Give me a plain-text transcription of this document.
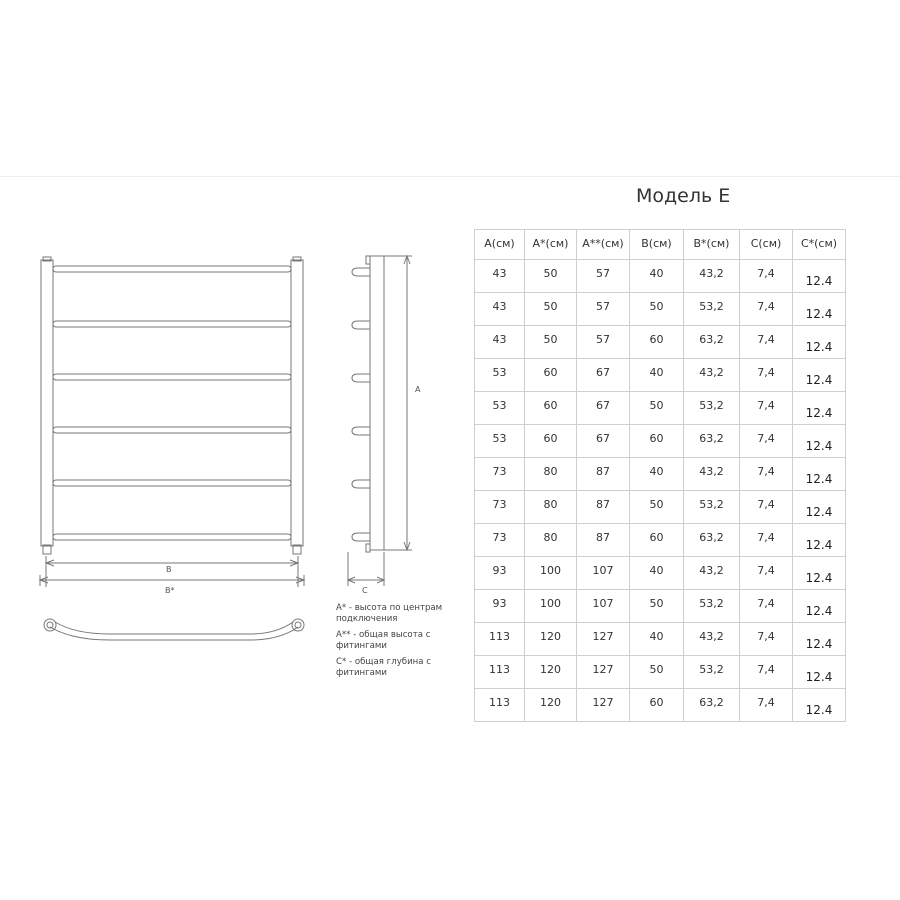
B
B*
A
C
A* - высота по центрам подключения
A** - общая высота с фитингами
C* - общая глубина с фитингами
Модель Е
A(см)	A*(см)	A**(см)	B(см)	B*(см)	C(см)	C*(см)
43	50	57	40	43,2	7,4	12.4
43	50	57	50	53,2	7,4	12.4
43	50	57	60	63,2	7,4	12.4
53	60	67	40	43,2	7,4	12.4
53	60	67	50	53,2	7,4	12.4
53	60	67	60	63,2	7,4	12.4
73	80	87	40	43,2	7,4	12.4
73	80	87	50	53,2	7,4	12.4
73	80	87	60	63,2	7,4	12.4
93	100	107	40	43,2	7,4	12.4
93	100	107	50	53,2	7,4	12.4
113	120	127	40	43,2	7,4	12.4
113	120	127	50	53,2	7,4	12.4
113	120	127	60	63,2	7,4	12.4
